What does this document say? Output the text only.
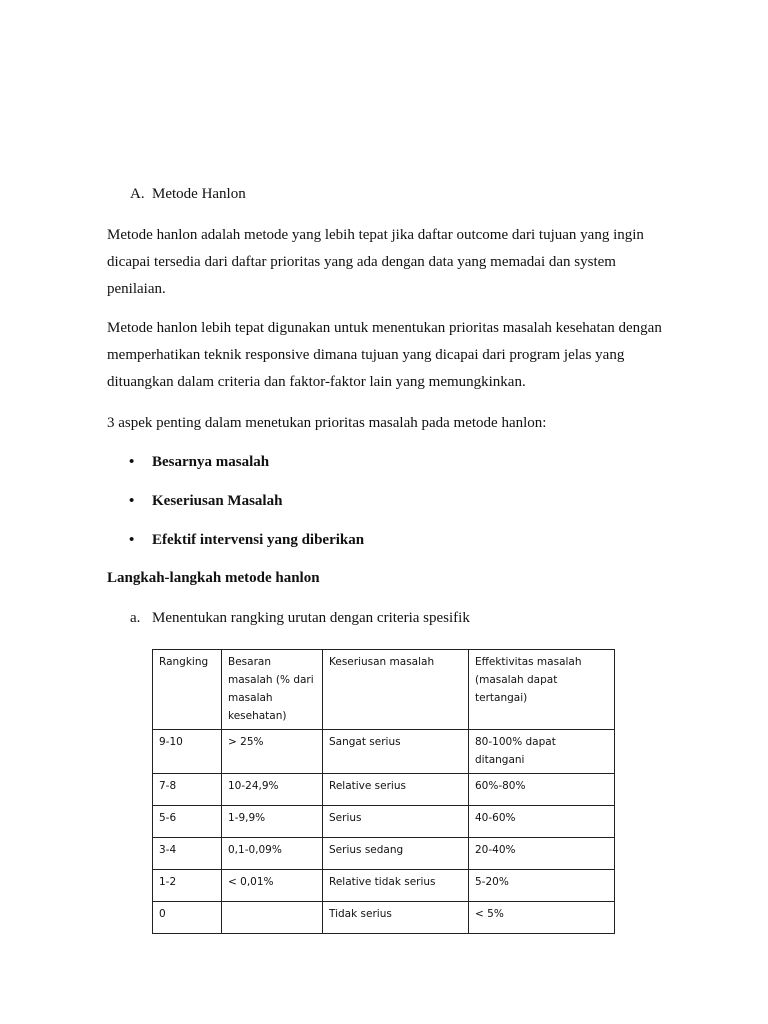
A. Metode Hanlon

Metode hanlon adalah metode yang lebih tepat jika daftar outcome dari tujuan yang ingin dicapai tersedia dari daftar prioritas yang ada dengan data yang memadai dan system penilaian.

Metode hanlon lebih tepat digunakan untuk menentukan prioritas masalah kesehatan dengan memperhatikan teknik responsive dimana tujuan yang dicapai dari program jelas yang dituangkan dalam criteria dan faktor-faktor lain yang memungkinkan.

3 aspek penting dalam menetukan prioritas masalah pada metode hanlon:

• Besarnya masalah
• Keseriusan Masalah
• Efektif intervensi yang diberikan
Langkah-langkah metode hanlon
a. Menentukan rangking urutan dengan criteria spesifik
Rangking	Besaran masalah (% dari masalah kesehatan)	Keseriusan masalah	Effektivitas masalah (masalah dapat tertangai)
9-10	> 25%	Sangat serius	80-100% dapat ditangani
7-8	10-24,9%	Relative serius	60%-80%
5-6	1-9,9%	Serius	40-60%
3-4	0,1-0,09%	Serius sedang	20-40%
1-2	< 0,01%	Relative tidak serius	5-20%
0		Tidak serius	< 5%
